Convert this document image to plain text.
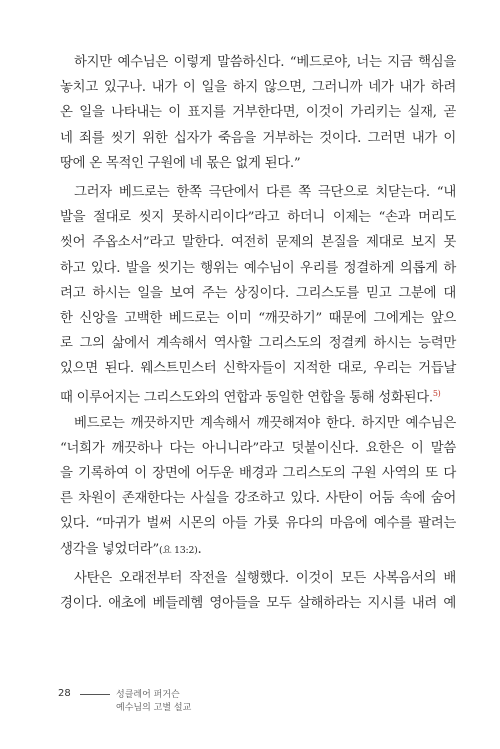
하지만 예수님은 이렇게 말씀하신다. “베드로야, 너는 지금 핵심을
놓치고 있구나. 내가 이 일을 하지 않으면, 그러니까 네가 내가 하려
온 일을 나타내는 이 표지를 거부한다면, 이것이 가리키는 실재, 곧
네 죄를 씻기 위한 십자가 죽음을 거부하는 것이다. 그러면 내가 이
땅에 온 목적인 구원에 네 몫은 없게 된다.”
그러자 베드로는 한쪽 극단에서 다른 쪽 극단으로 치닫는다. “내
발을 절대로 씻지 못하시리이다”라고 하더니 이제는 “손과 머리도
씻어 주옵소서”라고 말한다. 여전히 문제의 본질을 제대로 보지 못
하고 있다. 발을 씻기는 행위는 예수님이 우리를 정결하게 의롭게 하
려고 하시는 일을 보여 주는 상징이다. 그리스도를 믿고 그분에 대
한 신앙을 고백한 베드로는 이미 “깨끗하기” 때문에 그에게는 앞으
로 그의 삶에서 계속해서 역사할 그리스도의 정결케 하시는 능력만
있으면 된다. 웨스트민스터 신학자들이 지적한 대로, 우리는 거듭날
때 이루어지는 그리스도와의 연합과 동일한 연합을 통해 성화된다.$^{5)}$
베드로는 깨끗하지만 계속해서 깨끗해져야 한다. 하지만 예수님은
“너희가 깨끗하나 다는 아니니라”라고 덧붙이신다. 요한은 이 말씀
을 기록하여 이 장면에 어두운 배경과 그리스도의 구원 사역의 또 다
른 차원이 존재한다는 사실을 강조하고 있다. 사탄이 어둠 속에 숨어
있다. “마귀가 벌써 시몬의 아들 가룟 유다의 마음에 예수를 팔려는
생각을 넣었더라”(요 13:2).
사탄은 오래전부터 작전을 실행했다. 이것이 모든 사복음서의 배
경이다. 애초에 베들레헴 영아들을 모두 살해하라는 지시를 내려 예
28	성클레어 퍼거슨
예수님의 고별 설교
